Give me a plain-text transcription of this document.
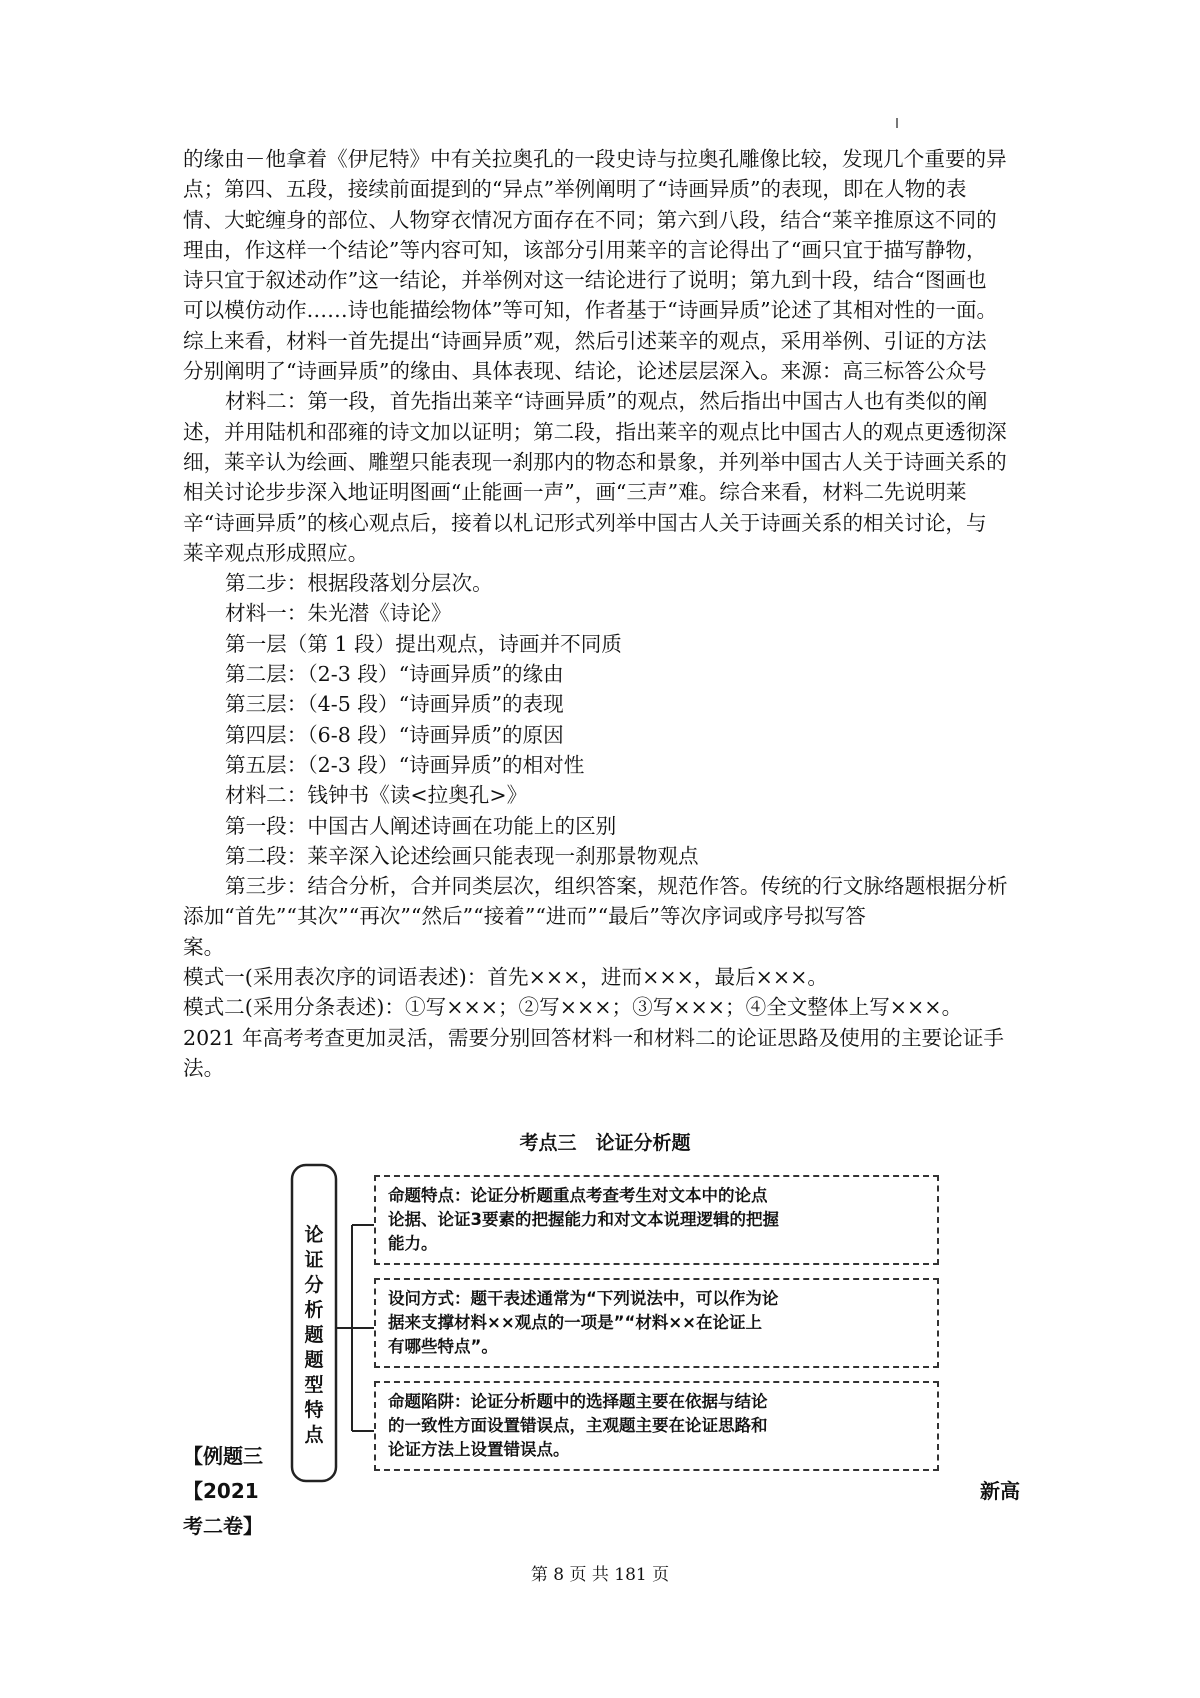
的缘由－他拿着《伊尼特》中有关拉奥孔的一段史诗与拉奥孔雕像比较，发现几个重要的异
点；第四、五段，接续前面提到的“异点”举例阐明了“诗画异质”的表现，即在人物的表
情、大蛇缠身的部位、人物穿衣情况方面存在不同；第六到八段，结合“莱辛推原这不同的
理由，作这样一个结论”等内容可知，该部分引用莱辛的言论得出了“画只宜于描写静物，
诗只宜于叙述动作”这一结论，并举例对这一结论进行了说明；第九到十段，结合“图画也
可以模仿动作……诗也能描绘物体”等可知，作者基于“诗画异质”论述了其相对性的一面。
综上来看，材料一首先提出“诗画异质”观，然后引述莱辛的观点，采用举例、引证的方法
分别阐明了“诗画异质”的缘由、具体表现、结论，论述层层深入。来源：高三标答公众号
材料二：第一段，首先指出莱辛“诗画异质”的观点，然后指出中国古人也有类似的阐
述，并用陆机和邵雍的诗文加以证明；第二段，指出莱辛的观点比中国古人的观点更透彻深
细，莱辛认为绘画、雕塑只能表现一刹那内的物态和景象，并列举中国古人关于诗画关系的
相关讨论步步深入地证明图画“止能画一声”，画“三声”难。综合来看，材料二先说明莱
辛“诗画异质”的核心观点后，接着以札记形式列举中国古人关于诗画关系的相关讨论，与
莱辛观点形成照应。
第二步：根据段落划分层次。
材料一：朱光潜《诗论》
第一层（第 1 段）提出观点，诗画并不同质
第二层：（2-3 段）“诗画异质”的缘由
第三层：（4-5 段）“诗画异质”的表现
第四层：（6-8 段）“诗画异质”的原因
第五层：（2-3 段）“诗画异质”的相对性
材料二：钱钟书《读<拉奥孔>》
第一段：中国古人阐述诗画在功能上的区别
第二段：莱辛深入论述绘画只能表现一刹那景物观点
第三步：结合分析，合并同类层次，组织答案，规范作答。传统的行文脉络题根据分析
添加“首先”“其次”“再次”“然后”“接着”“进而”“最后”等次序词或序号拟写答
案。
模式一(采用表次序的词语表述)：首先×××，进而×××，最后×××。
模式二(采用分条表述)：①写×××；②写×××；③写×××；④全文整体上写×××。
2021 年高考考查更加灵活，需要分别回答材料一和材料二的论证思路及使用的主要论证手
法。
考点三　论证分析题
论证分析题题型特点
命题特点：论证分析题重点考查考生对文本中的论点
论据、论证3要素的把握能力和对文本说理逻辑的把握
能力。
设问方式：题干表述通常为“下列说法中，可以作为论
据来支撑材料××观点的一项是”“材料××在论证上
有哪些特点”。
命题陷阱：论证分析题中的选择题主要在依据与结论
的一致性方面设置错误点，主观题主要在论证思路和
论证方法上设置错误点。
【例题三
【2021	新高
考二卷】
第 8 页 共 181 页
